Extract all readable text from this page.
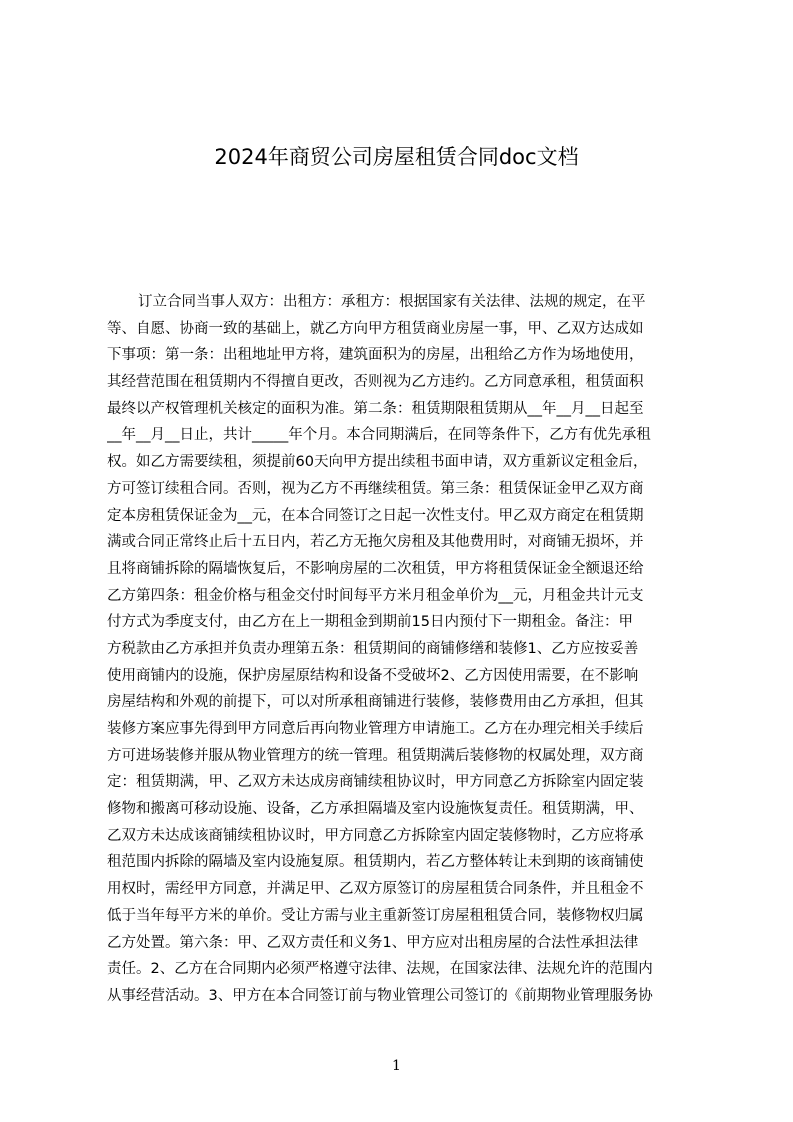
2024年商贸公司房屋租赁合同doc文档
订立合同当事人双方：出租方：承租方：根据国家有关法律、法规的规定，在平
等、自愿、协商一致的基础上，就乙方向甲方租赁商业房屋一事，甲、乙双方达成如
下事项：第一条：出租地址甲方将，建筑面积为的房屋，出租给乙方作为场地使用，
其经营范围在租赁期内不得擅自更改，否则视为乙方违约。乙方同意承租，租赁面积
最终以产权管理机关核定的面积为准。第二条：租赁期限租赁期从__年__月__日起至
__年__月__日止，共计_____年个月。本合同期满后，在同等条件下，乙方有优先承租
权。如乙方需要续租，须提前60天向甲方提出续租书面申请，双方重新议定租金后，
方可签订续租合同。否则，视为乙方不再继续租赁。第三条：租赁保证金甲乙双方商
定本房租赁保证金为__元，在本合同签订之日起一次性支付。甲乙双方商定在租赁期
满或合同正常终止后十五日内，若乙方无拖欠房租及其他费用时，对商铺无损坏，并
且将商铺拆除的隔墙恢复后，不影响房屋的二次租赁，甲方将租赁保证金全额退还给
乙方第四条：租金价格与租金交付时间每平方米月租金单价为__元，月租金共计元支
付方式为季度支付，由乙方在上一期租金到期前15日内预付下一期租金。备注：甲
方税款由乙方承担并负责办理第五条：租赁期间的商铺修缮和装修1、乙方应按妥善
使用商铺内的设施，保护房屋原结构和设备不受破坏2、乙方因使用需要，在不影响
房屋结构和外观的前提下，可以对所承租商铺进行装修，装修费用由乙方承担，但其
装修方案应事先得到甲方同意后再向物业管理方申请施工。乙方在办理完相关手续后
方可进场装修并服从物业管理方的统一管理。租赁期满后装修物的权属处理，双方商
定：租赁期满，甲、乙双方未达成房商铺续租协议时，甲方同意乙方拆除室内固定装
修物和搬离可移动设施、设备，乙方承担隔墙及室内设施恢复责任。租赁期满，甲、
乙双方未达成该商铺续租协议时，甲方同意乙方拆除室内固定装修物时，乙方应将承
租范围内拆除的隔墙及室内设施复原。租赁期内，若乙方整体转让未到期的该商铺使
用权时，需经甲方同意，并满足甲、乙双方原签订的房屋租赁合同条件，并且租金不
低于当年每平方米的单价。受让方需与业主重新签订房屋租租赁合同，装修物权归属
乙方处置。第六条：甲、乙双方责任和义务1、甲方应对出租房屋的合法性承担法律
责任。2、乙方在合同期内必须严格遵守法律、法规，在国家法律、法规允许的范围内
从事经营活动。3、甲方在本合同签订前与物业管理公司签订的《前期物业管理服务协
1
